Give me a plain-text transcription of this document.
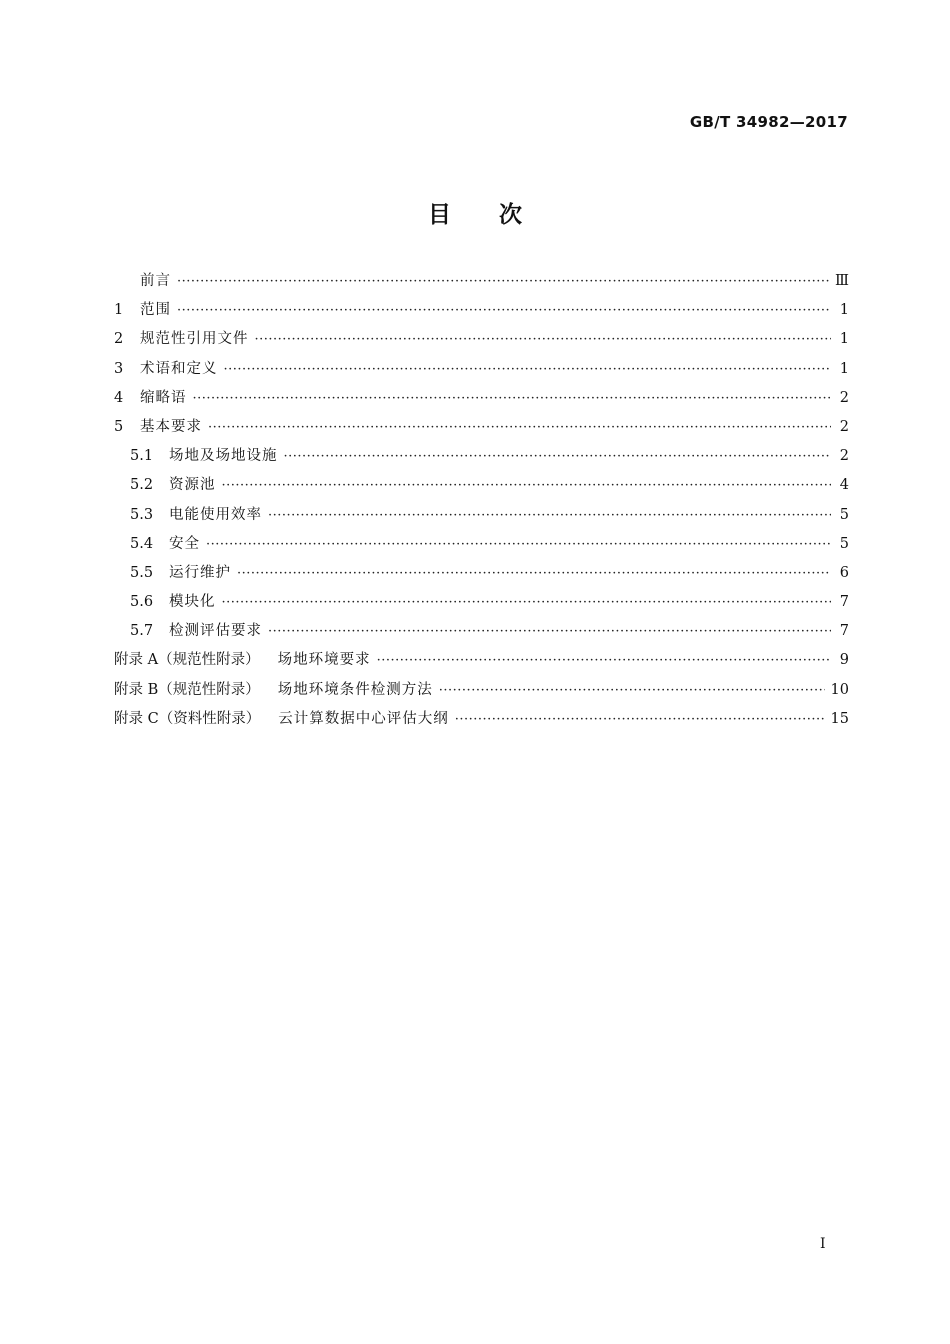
GB/T 34982—2017
目次
前言 ·····	Ⅲ
1	范围 ·····	1
2	规范性引用文件 ·····	1
3	术语和定义 ·····	1
4	缩略语 ·····	2
5	基本要求 ·····	2
5.1	场地及场地设施 ·····	2
5.2	资源池 ·····	4
5.3	电能使用效率 ·····	5
5.4	安全 ·····	5
5.5	运行维护 ·····	6
5.6	模块化 ·····	7
5.7	检测评估要求 ·····	7
附录 A（规范性附录） 场地环境要求 ·····	9
附录 B（规范性附录） 场地环境条件检测方法 ·····	10
附录 C（资料性附录） 云计算数据中心评估大纲 ·····	15
I
